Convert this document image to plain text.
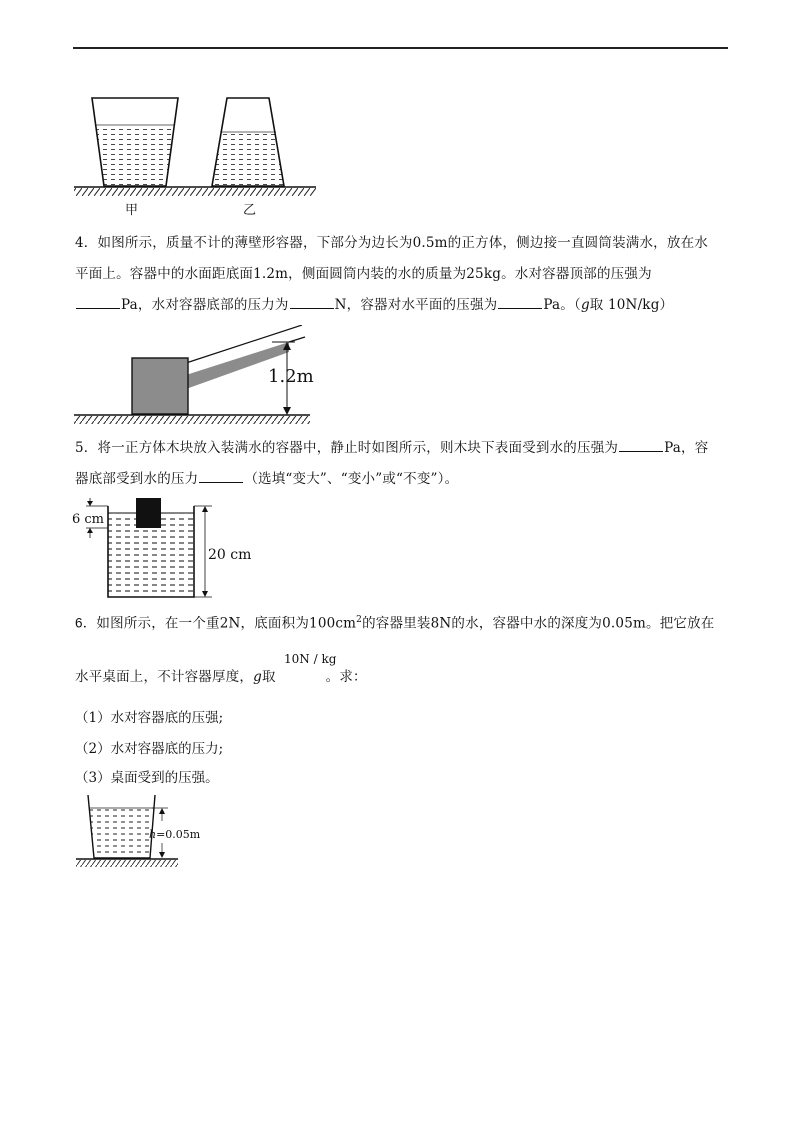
甲	乙
4．如图所示，质量不计的薄壁形容器，下部分为边长为0.5m的正方体，侧边接一直圆筒装满水，放在水
平面上。容器中的水面距底面1.2m，侧面圆筒内装的水的质量为25kg。水对容器顶部的压强为
Pa，水对容器底部的压力为	N，容器对水平面的压强为	Pa。（g取 10N/kg）
1.2m
5．将一正方体木块放入装满水的容器中，静止时如图所示，则木块下表面受到水的压强为	Pa，容
器底部受到水的压力	（选填“变大”、“变小”或“不变”）。
6 cm
20 cm
6．如图所示，在一个重2N，底面积为$100cm^2$的容器里装8N的水，容器中水的深度为0.05m。把它放在
10N / kg
水平桌面上，不计容器厚度，g取	。求：
（1）水对容器底的压强;
（2）水对容器底的压力;
（3）桌面受到的压强。
h=0.05m
